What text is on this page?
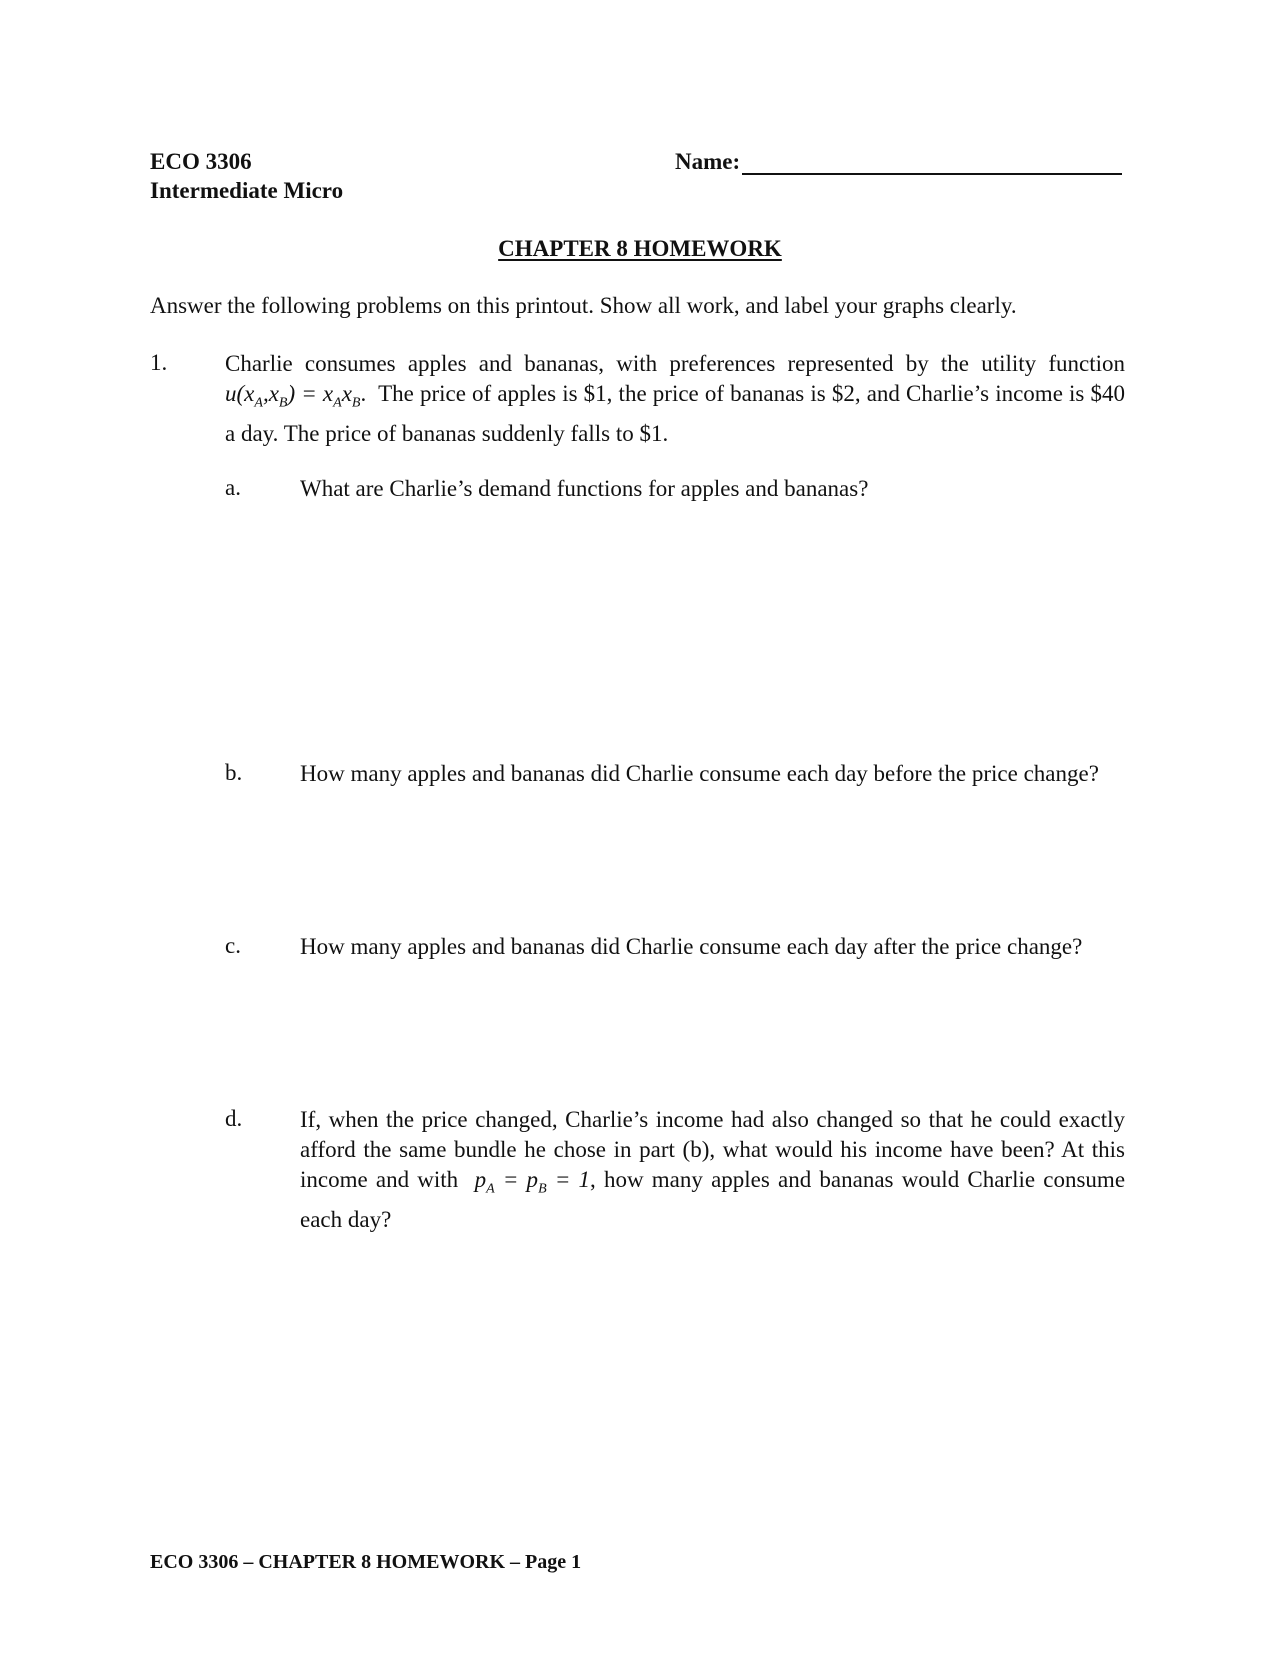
ECO 3306
Intermediate Micro
Name:
CHAPTER 8 HOMEWORK
Answer the following problems on this printout. Show all work, and label your graphs clearly.
1.	Charlie consumes apples and bananas, with preferences represented by the utility function $u(x_A,x_B) = x_Ax_B$.  The price of apples is $1, the price of bananas is $2, and Charlie’s income is $40 a day. The price of bananas suddenly falls to $1.
a.	What are Charlie’s demand functions for apples and bananas?
b.	How many apples and bananas did Charlie consume each day before the price change?
c.	How many apples and bananas did Charlie consume each day after the price change?
d.	If, when the price changed, Charlie’s income had also changed so that he could exactly afford the same bundle he chose in part (b), what would his income have been? At this income and with  $p_A = p_B = 1$, how many apples and bananas would Charlie consume each day?
ECO 3306 – CHAPTER 8 HOMEWORK – Page 1
